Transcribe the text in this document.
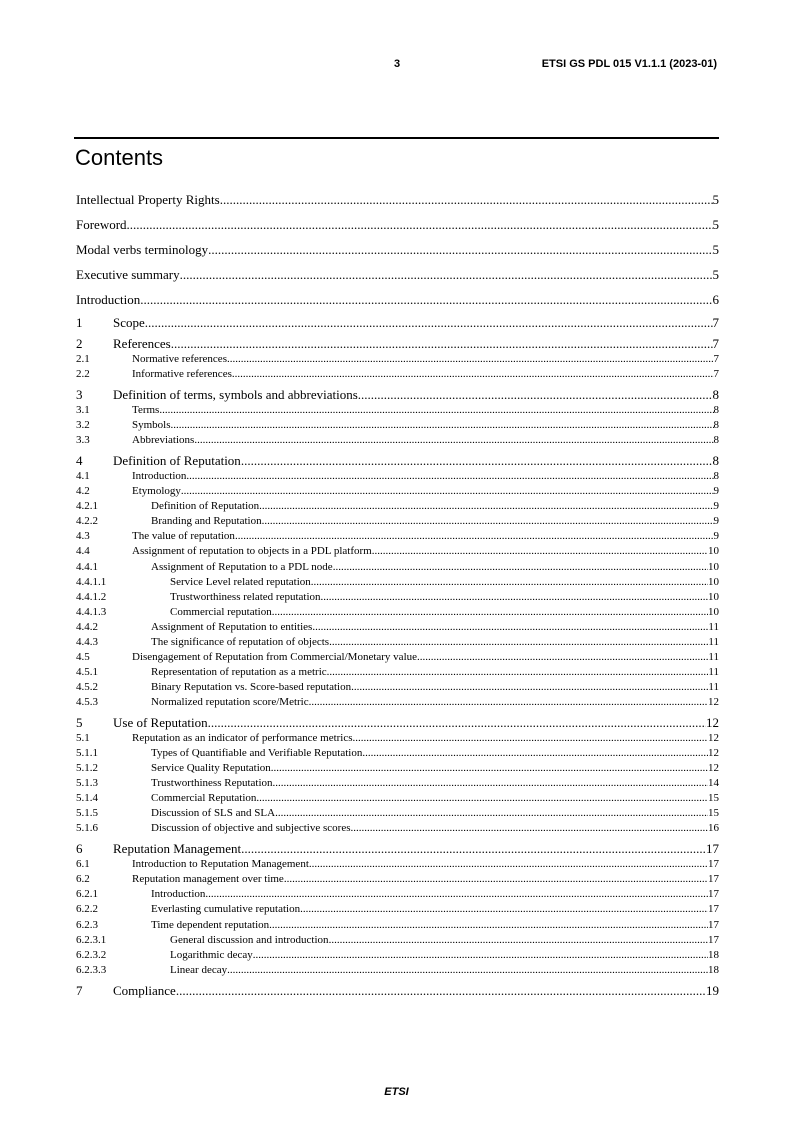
3	ETSI GS PDL 015 V1.1.1 (2023-01)
Contents
Intellectual Property Rights .....	5
Foreword .....	5
Modal verbs terminology .....	5
Executive summary .....	5
Introduction .....	6
1	Scope .....	7
2	References .....	7
2.1	Normative references .....	7
2.2	Informative references .....	7
3	Definition of terms, symbols and abbreviations .....	8
3.1	Terms .....	8
3.2	Symbols .....	8
3.3	Abbreviations .....	8
4	Definition of Reputation .....	8
4.1	Introduction .....	8
4.2	Etymology .....	9
4.2.1	Definition of Reputation .....	9
4.2.2	Branding and Reputation .....	9
4.3	The value of reputation .....	9
4.4	Assignment of reputation to objects in a PDL platform .....	10
4.4.1	Assignment of Reputation to a PDL node .....	10
4.4.1.1	Service Level related reputation .....	10
4.4.1.2	Trustworthiness related reputation .....	10
4.4.1.3	Commercial reputation .....	10
4.4.2	Assignment of Reputation to entities .....	11
4.4.3	The significance of reputation of objects .....	11
4.5	Disengagement of Reputation from Commercial/Monetary value .....	11
4.5.1	Representation of reputation as a metric .....	11
4.5.2	Binary Reputation vs. Score-based reputation .....	11
4.5.3	Normalized reputation score/Metric .....	12
5	Use of Reputation .....	12
5.1	Reputation as an indicator of performance metrics .....	12
5.1.1	Types of Quantifiable and Verifiable Reputation .....	12
5.1.2	Service Quality Reputation .....	12
5.1.3	Trustworthiness Reputation .....	14
5.1.4	Commercial Reputation .....	15
5.1.5	Discussion of SLS and SLA .....	15
5.1.6	Discussion of objective and subjective scores .....	16
6	Reputation Management .....	17
6.1	Introduction to Reputation Management .....	17
6.2	Reputation management over time .....	17
6.2.1	Introduction .....	17
6.2.2	Everlasting cumulative reputation .....	17
6.2.3	Time dependent reputation .....	17
6.2.3.1	General discussion and introduction .....	17
6.2.3.2	Logarithmic decay .....	18
6.2.3.3	Linear decay .....	18
7	Compliance .....	19
ETSI
